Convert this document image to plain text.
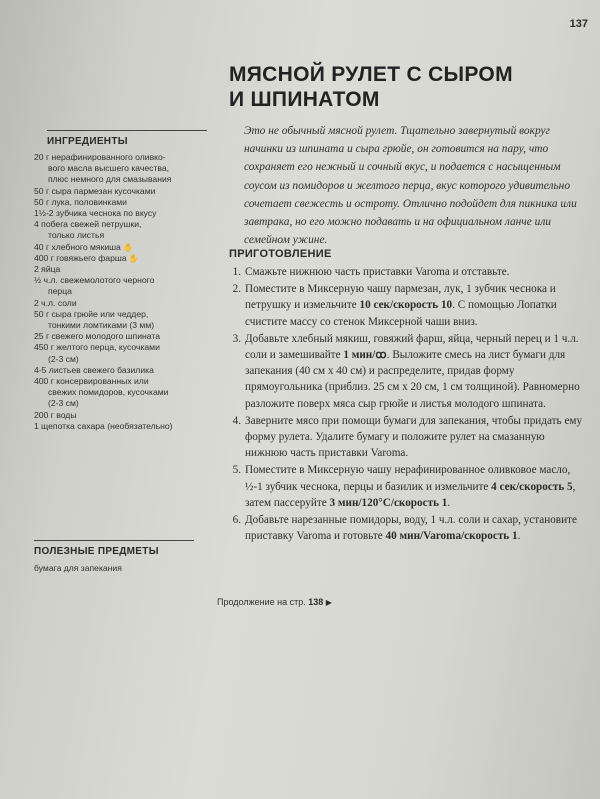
137
МЯСНОЙ РУЛЕТ С СЫРОМ
И ШПИНАТОМ
Это не обычный мясной рулет. Тщательно завернутый вокруг начинки из шпината и сыра грюйе, он готовится на пару, что сохраняет его нежный и сочный вкус, и подается с насыщенным соусом из помидоров и желтого перца, вкус которого удивительно сочетает свежесть и остроту. Отлично подойдет для пикника или завтрака, но его можно подавать и на официальном ланче или семейном ужине.
ИНГРЕДИЕНТЫ
20 г нерафинированного оливко-
вого масла высшего качества,
плюс немного для смазывания
50 г сыра пармезан кусочками
50 г лука, половинками
1½-2 зубчика чеснока по вкусу
4 побега свежей петрушки,
только листья
40 г хлебного мякиша ✋
400 г говяжьего фарша ✋
2 яйца
½ ч.л. свежемолотого черного
перца
2 ч.л. соли
50 г сыра грюйе или чеддер,
тонкими ломтиками (3 мм)
25 г свежего молодого шпината
450 г желтого перца, кусочками
(2-3 см)
4-5 листьев свежего базилика
400 г консервированных или
свежих помидоров, кусочками
(2-3 см)
200 г воды
1 щепотка сахара (необязательно)
ПОЛЕЗНЫЕ ПРЕДМЕТЫ
бумага для запекания
ПРИГОТОВЛЕНИЕ
1. Смажьте нижнюю часть приставки Varoma и отставьте.
2. Поместите в Миксерную чашу пармезан, лук, 1 зубчик чеснока и петрушку и измельчите 10 сек/скорость 10. С помощью Лопатки счистите массу со стенок Миксерной чаши вниз.
3. Добавьте хлебный мякиш, говяжий фарш, яйца, черный перец и 1 ч.л. соли и замешивайте 1 мин/ꝏ. Выложите смесь на лист бумаги для запекания (40 см x 40 см) и распределите, придав форму прямоугольника (приблиз. 25 см x 20 см, 1 см толщиной). Равномерно разложите поверх мяса сыр грюйе и листья молодого шпината.
4. Заверните мясо при помощи бумаги для запекания, чтобы придать ему форму рулета. Удалите бумагу и положите рулет на смазанную нижнюю часть приставки Varoma.
5. Поместите в Миксерную чашу нерафинированное оливковое масло, ½-1 зубчик чеснока, перцы и базилик и измельчите 4 сек/скорость 5, затем пассеруйте 3 мин/120°C/скорость 1.
6. Добавьте нарезанные помидоры, воду, 1 ч.л. соли и сахар, установите приставку Varoma и готовьте 40 мин/Varoma/скорость 1.
Продолжение на стр. 138 ▶
